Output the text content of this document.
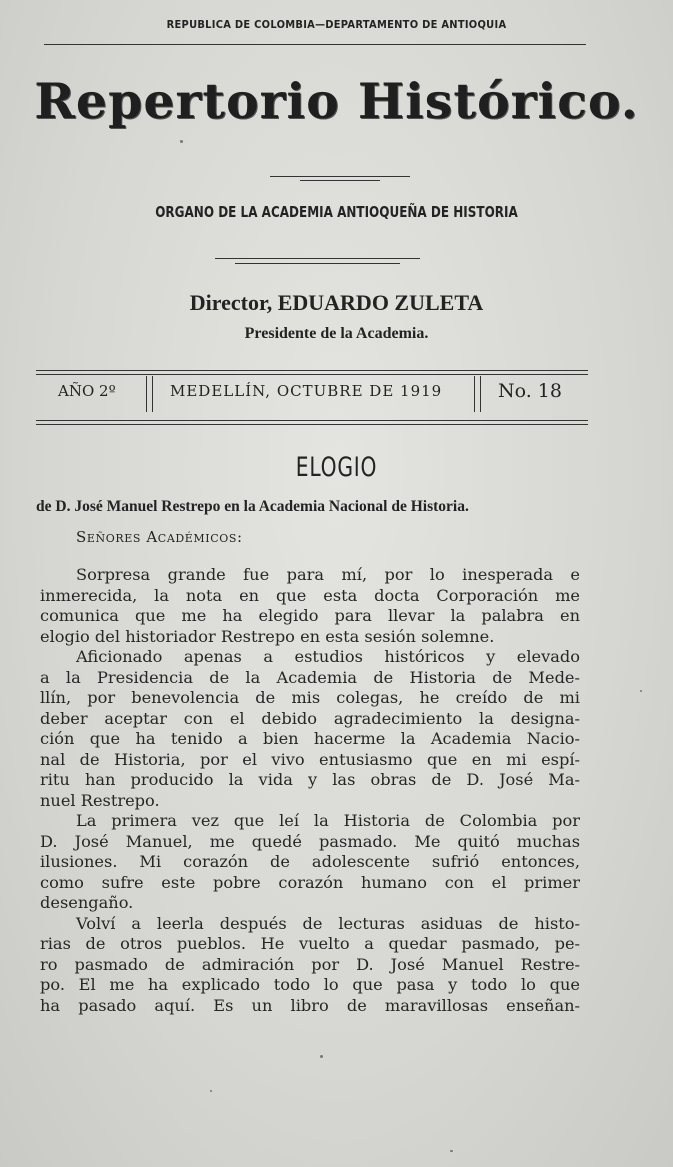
REPUBLICA DE COLOMBIA—DEPARTAMENTO DE ANTIOQUIA
Repertorio Histórico.
ORGANO DE LA ACADEMIA ANTIOQUEÑA DE HISTORIA
Director, EDUARDO ZULETA
Presidente de la Academia.
AÑO 2º	MEDELLÍN, OCTUBRE DE 1919	No. 18
ELOGIO
de D. José Manuel Restrepo en la Academia Nacional de Historia.
Señores Académicos:
Sorpresa grande fue para mí, por lo inesperada e
inmerecida, la nota en que esta docta Corporación me
comunica que me ha elegido para llevar la palabra en
elogio del historiador Restrepo en esta sesión solemne.
Aficionado apenas a estudios históricos y elevado
a la Presidencia de la Academia de Historia de Mede-
llín, por benevolencia de mis colegas, he creído de mi
deber aceptar con el debido agradecimiento la designa-
ción que ha tenido a bien hacerme la Academia Nacio-
nal de Historia, por el vivo entusiasmo que en mi espí-
ritu han producido la vida y las obras de D. José Ma-
nuel Restrepo.
La primera vez que leí la Historia de Colombia por
D. José Manuel, me quedé pasmado. Me quitó muchas
ilusiones. Mi corazón de adolescente sufrió entonces,
como sufre este pobre corazón humano con el primer
desengaño.
Volví a leerla después de lecturas asiduas de histo-
rias de otros pueblos. He vuelto a quedar pasmado, pe-
ro pasmado de admiración por D. José Manuel Restre-
po. El me ha explicado todo lo que pasa y todo lo que
ha pasado aquí. Es un libro de maravillosas enseñan-
